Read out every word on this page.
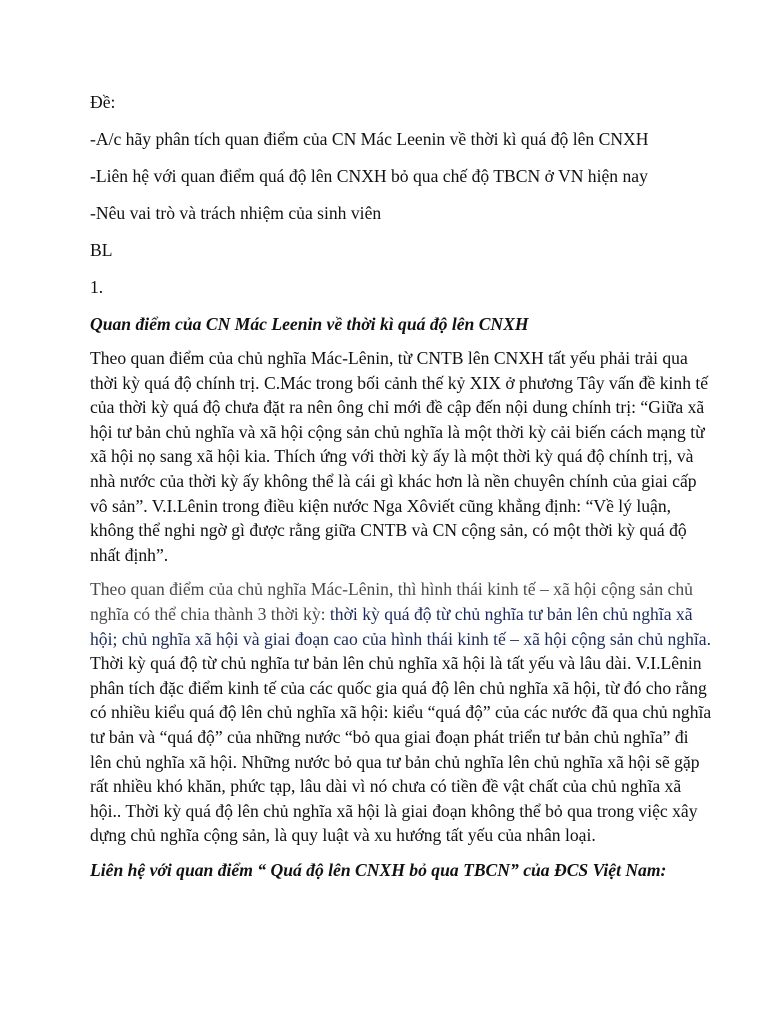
Đề:
-A/c hãy phân tích quan điểm của CN Mác Leenin về thời kì quá độ lên CNXH
-Liên hệ với quan điểm quá độ lên CNXH bỏ qua chế độ TBCN ở VN hiện nay
-Nêu vai trò và trách nhiệm của sinh viên
BL
1.
Quan điểm của CN Mác Leenin về thời kì quá độ lên CNXH
Theo quan điểm của chủ nghĩa Mác-Lênin, từ CNTB lên CNXH tất yếu phải trải qua
thời kỳ quá độ chính trị. C.Mác trong bối cảnh thế kỷ XIX ở phương Tây vấn đề kinh tế
của thời kỳ quá độ chưa đặt ra nên ông chỉ mới đề cập đến nội dung chính trị: “Giữa xã
hội tư bản chủ nghĩa và xã hội cộng sản chủ nghĩa là một thời kỳ cải biến cách mạng từ
xã hội nọ sang xã hội kia. Thích ứng với thời kỳ ấy là một thời kỳ quá độ chính trị, và
nhà nước của thời kỳ ấy không thể là cái gì khác hơn là nền chuyên chính của giai cấp
vô sản”. V.I.Lênin trong điều kiện nước Nga Xôviết cũng khẳng định: “Về lý luận,
không thể nghi ngờ gì được rằng giữa CNTB và CN cộng sản, có một thời kỳ quá độ
nhất định”.
Theo quan điểm của chủ nghĩa Mác-Lênin, thì hình thái kinh tế – xã hội cộng sản chủ
nghĩa có thể chia thành 3 thời kỳ: thời kỳ quá độ từ chủ nghĩa tư bản lên chủ nghĩa xã
hội; chủ nghĩa xã hội và giai đoạn cao của hình thái kinh tế – xã hội cộng sản chủ nghĩa.
Thời kỳ quá độ từ chủ nghĩa tư bản lên chủ nghĩa xã hội là tất yếu và lâu dài. V.I.Lênin
phân tích đặc điểm kinh tế của các quốc gia quá độ lên chủ nghĩa xã hội, từ đó cho rằng
có nhiều kiểu quá độ lên chủ nghĩa xã hội: kiểu “quá độ” của các nước đã qua chủ nghĩa
tư bản và “quá độ” của những nước “bỏ qua giai đoạn phát triển tư bản chủ nghĩa” đi
lên chủ nghĩa xã hội. Những nước bỏ qua tư bản chủ nghĩa lên chủ nghĩa xã hội sẽ gặp
rất nhiều khó khăn, phức tạp, lâu dài vì nó chưa có tiền đề vật chất của chủ nghĩa xã
hội.. Thời kỳ quá độ lên chủ nghĩa xã hội là giai đoạn không thể bỏ qua trong việc xây
dựng chủ nghĩa cộng sản, là quy luật và xu hướng tất yếu của nhân loại.
Liên hệ với quan điểm “ Quá độ lên CNXH bỏ qua TBCN” của ĐCS Việt Nam:
